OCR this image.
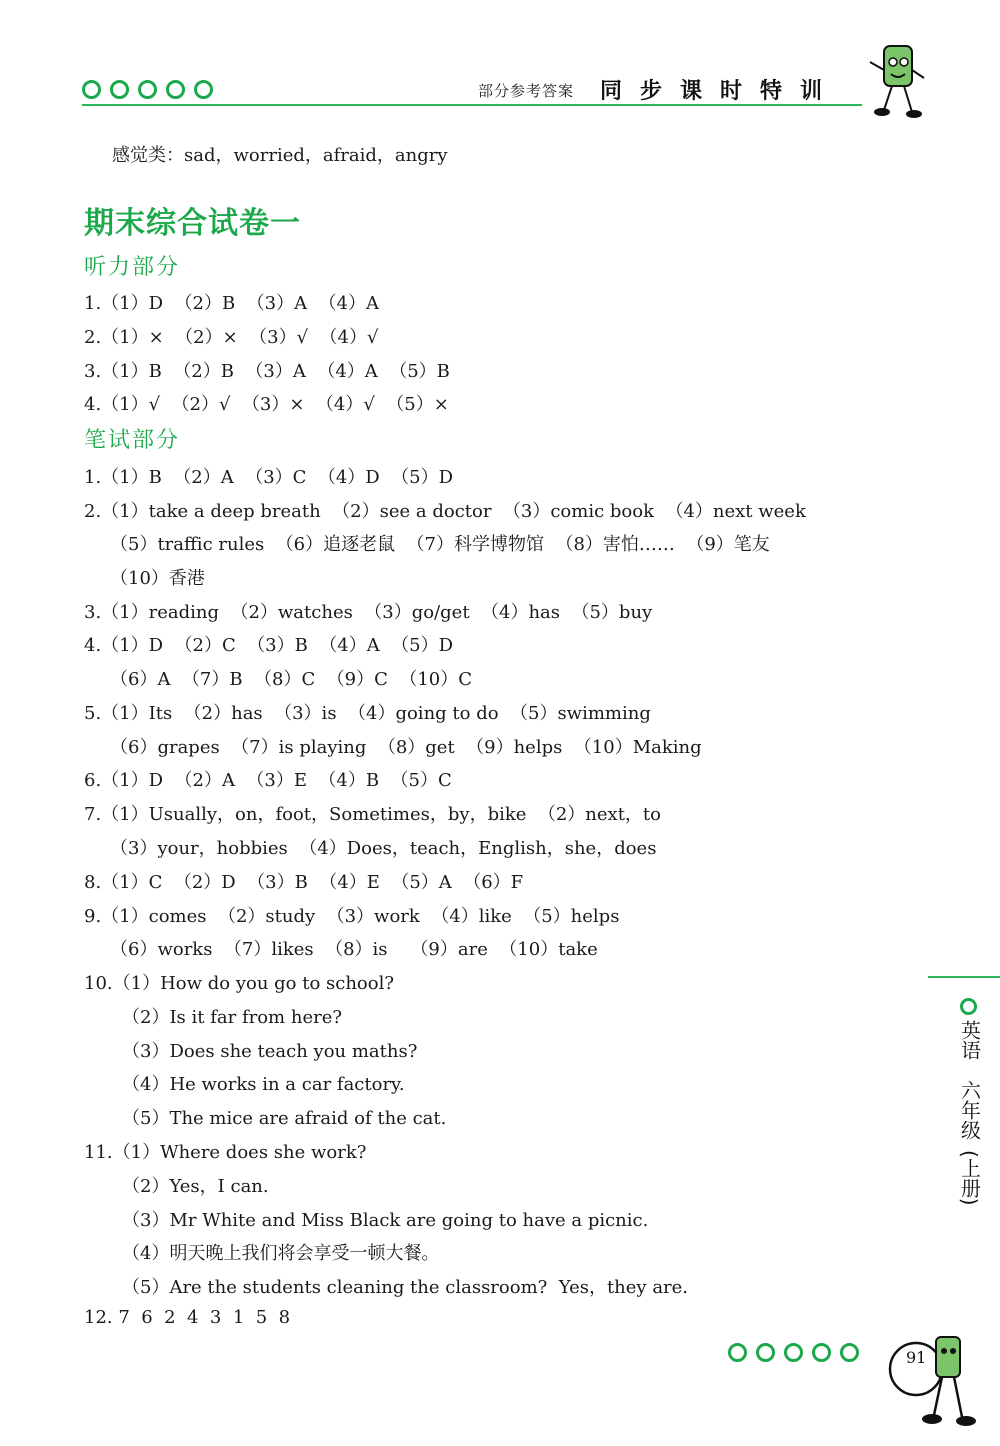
部分参考答案 同步课时特训
感觉类：sad，worried，afraid，angry
期末综合试卷一
听力部分
1.（1）D  （2）B  （3）A  （4）A
2.（1）×  （2）×  （3）√  （4）√
3.（1）B  （2）B  （3）A  （4）A  （5）B
4.（1）√  （2）√  （3）×  （4）√  （5）×
笔试部分
1.（1）B  （2）A  （3）C  （4）D  （5）D
2.（1）take a deep breath  （2）see a doctor  （3）comic book  （4）next week
（5）traffic rules  （6）追逐老鼠  （7）科学博物馆  （8）害怕……  （9）笔友
（10）香港
3.（1）reading  （2）watches  （3）go/get  （4）has  （5）buy
4.（1）D  （2）C  （3）B  （4）A  （5）D
（6）A  （7）B  （8）C  （9）C  （10）C
5.（1）Its  （2）has  （3）is  （4）going to do  （5）swimming
（6）grapes  （7）is playing  （8）get  （9）helps  （10）Making
6.（1）D  （2）A  （3）E  （4）B  （5）C
7.（1）Usually，on，foot，Sometimes，by，bike  （2）next，to
（3）your，hobbies  （4）Does，teach，English，she，does
8.（1）C  （2）D  （3）B  （4）E  （5）A  （6）F
9.（1）comes  （2）study  （3）work  （4）like  （5）helps
（6）works  （7）likes  （8）is    （9）are  （10）take
10.（1）How do you go to school?
（2）Is it far from here?
（3）Does she teach you maths?
（4）He works in a car factory.
（5）The mice are afraid of the cat.
11.（1）Where does she work?
（2）Yes，I can.
（3）Mr White and Miss Black are going to have a picnic.
（4）明天晚上我们将会享受一顿大餐。
（5）Are the students cleaning the classroom?  Yes，they are.
12. 7  6  2  4  3  1  5  8
英语
六年级
(上册)
91
